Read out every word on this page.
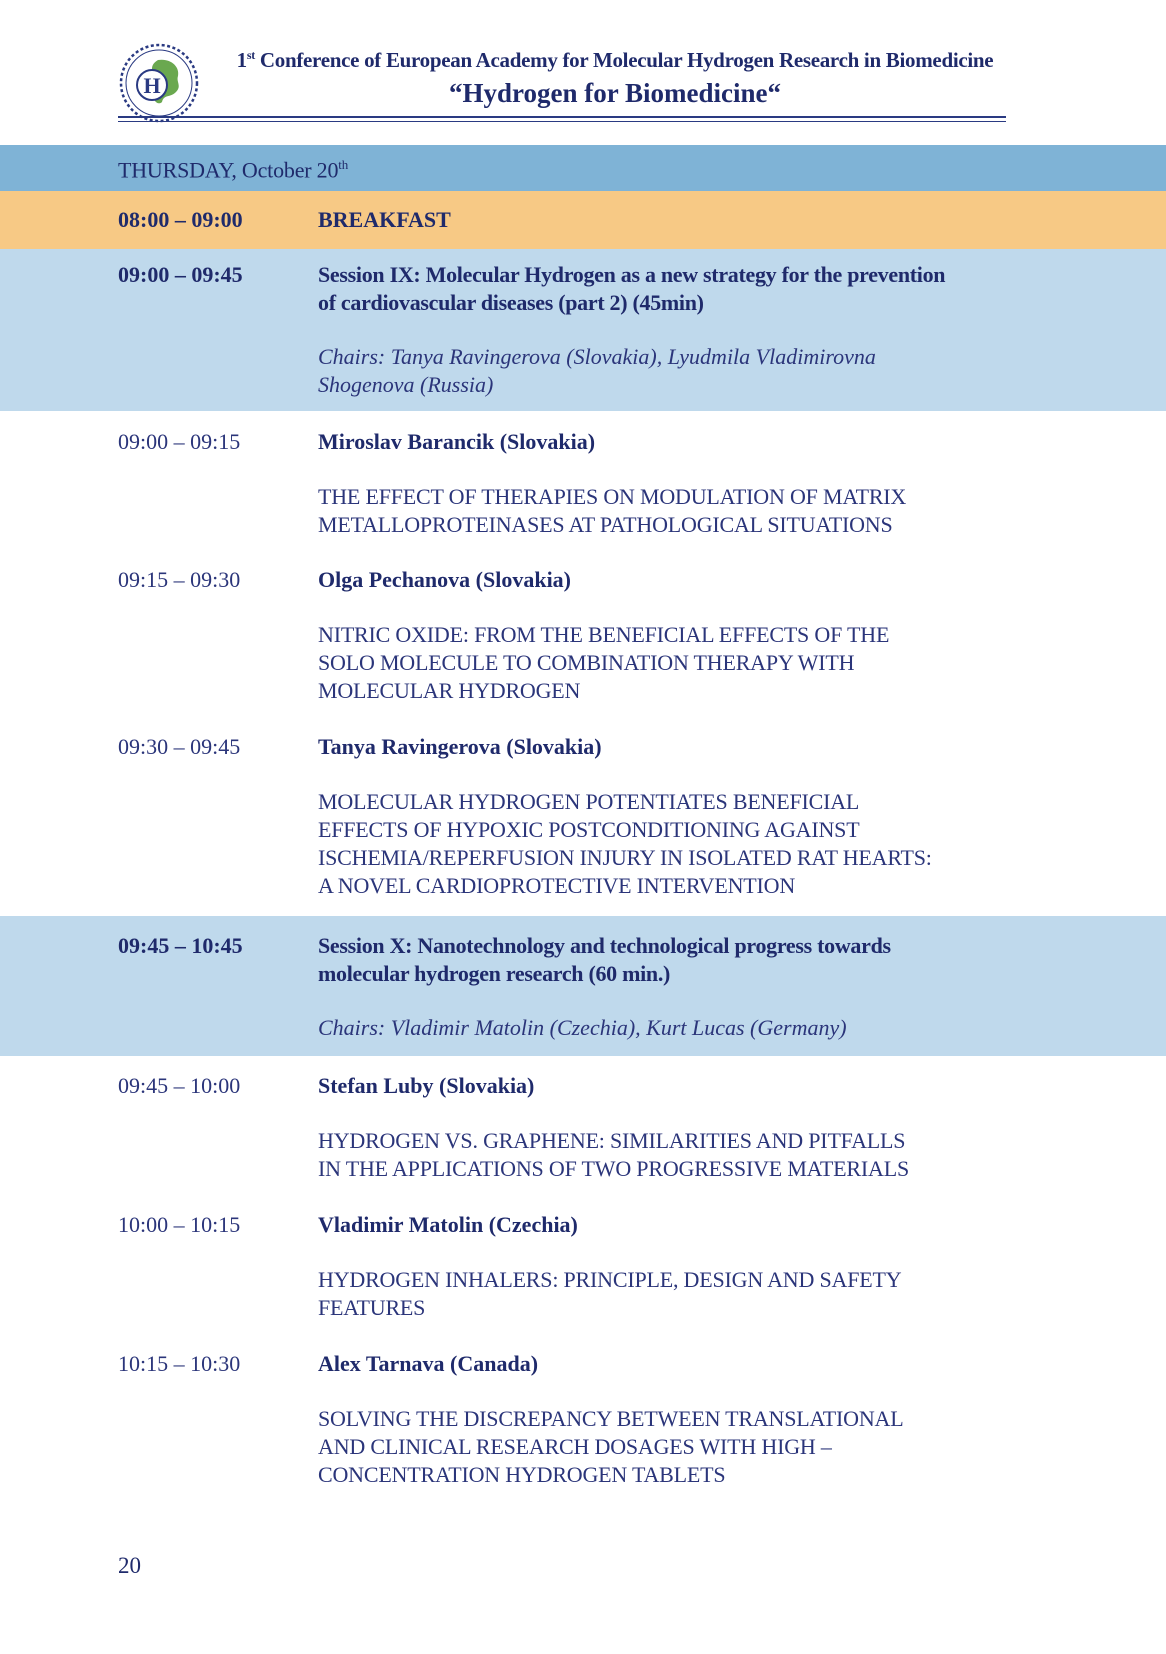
H
1st Conference of European Academy for Molecular Hydrogen Research in Biomedicine
“Hydrogen for Biomedicine“
THURSDAY, October 20th
08:00 – 09:00	BREAKFAST
09:00 – 09:45	Session IX: Molecular Hydrogen as a new strategy for the prevention
of cardiovascular diseases (part 2) (45min)
Chairs: Tanya Ravingerova (Slovakia), Lyudmila Vladimirovna
Shogenova (Russia)
09:00 – 09:15	Miroslav Barancik (Slovakia)
THE EFFECT OF THERAPIES ON MODULATION OF MATRIX
METALLOPROTEINASES AT PATHOLOGICAL SITUATIONS
09:15 – 09:30	Olga Pechanova (Slovakia)
NITRIC OXIDE: FROM THE BENEFICIAL EFFECTS OF THE
SOLO MOLECULE TO COMBINATION THERAPY WITH
MOLECULAR HYDROGEN
09:30 – 09:45	Tanya Ravingerova (Slovakia)
MOLECULAR HYDROGEN POTENTIATES BENEFICIAL
EFFECTS OF HYPOXIC POSTCONDITIONING AGAINST
ISCHEMIA/REPERFUSION INJURY IN ISOLATED RAT HEARTS:
A NOVEL CARDIOPROTECTIVE INTERVENTION
09:45 – 10:45	Session X: Nanotechnology and technological progress towards
molecular hydrogen research (60 min.)
Chairs: Vladimir Matolin (Czechia), Kurt Lucas (Germany)
09:45 – 10:00	Stefan Luby (Slovakia)
HYDROGEN VS. GRAPHENE: SIMILARITIES AND PITFALLS
IN THE APPLICATIONS OF TWO PROGRESSIVE MATERIALS
10:00 – 10:15	Vladimir Matolin (Czechia)
HYDROGEN INHALERS: PRINCIPLE, DESIGN AND SAFETY
FEATURES
10:15 – 10:30	Alex Tarnava (Canada)
SOLVING THE DISCREPANCY BETWEEN TRANSLATIONAL
AND CLINICAL RESEARCH DOSAGES WITH HIGH –
CONCENTRATION HYDROGEN TABLETS
20
